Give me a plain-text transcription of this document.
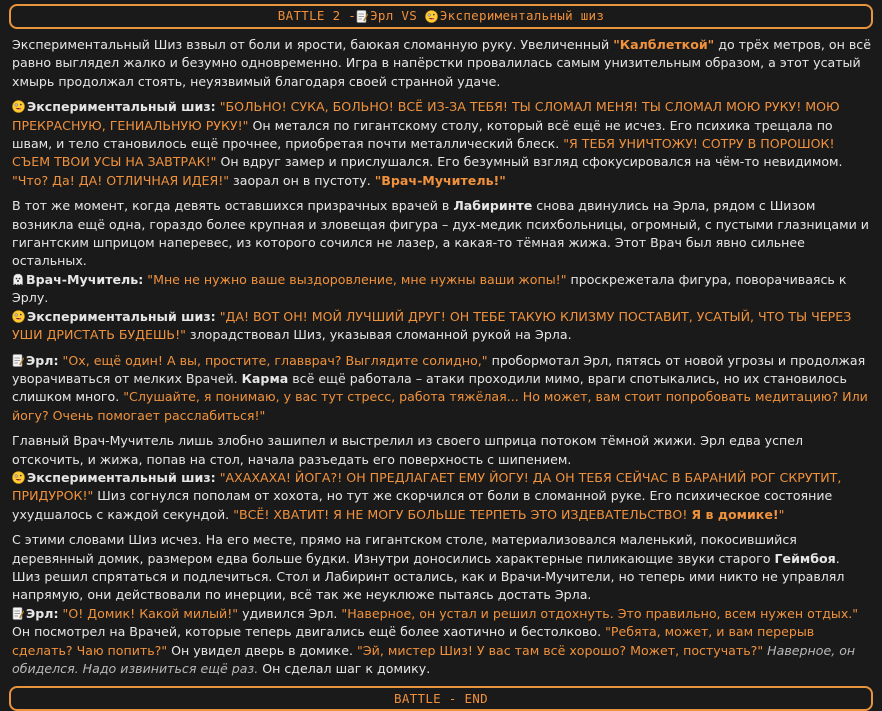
BATTLE 2 - Эрл VS Экспериментальный шиз

Экспериментальный Шиз взвыл от боли и ярости, баюкая сломанную руку. Увеличенный "Калблеткой" до трёх метров, он всё равно выглядел жалко и безумно одновременно. Игра в напёрстки провалилась самым унизительным образом, а этот усатый хмырь продолжал стоять, неуязвимый благодаря своей странной удаче.

Экспериментальный шиз: "БОЛЬНО! СУКА, БОЛЬНО! ВСЁ ИЗ-ЗА ТЕБЯ! ТЫ СЛОМАЛ МЕНЯ! ТЫ СЛОМАЛ МОЮ РУКУ! МОЮ ПРЕКРАСНУЮ, ГЕНИАЛЬНУЮ РУКУ!" Он метался по гигантскому столу, который всё ещё не исчез. Его психика трещала по швам, и тело становилось ещё прочнее, приобретая почти металлический блеск. "Я ТЕБЯ УНИЧТОЖУ! СОТРУ В ПОРОШОК! СЪЕМ ТВОИ УСЫ НА ЗАВТРАК!" Он вдруг замер и прислушался. Его безумный взгляд сфокусировался на чём-то невидимом. "Что? Да! ДА! ОТЛИЧНАЯ ИДЕЯ!" заорал он в пустоту. "Врач-Мучитель!"

В тот же момент, когда девять оставшихся призрачных врачей в Лабиринте снова двинулись на Эрла, рядом с Шизом возникла ещё одна, гораздо более крупная и зловещая фигура – дух-медик психбольницы, огромный, с пустыми глазницами и гигантским шприцом наперевес, из которого сочился не лазер, а какая-то тёмная жижа. Этот Врач был явно сильнее остальных.

Врач-Мучитель: "Мне не нужно ваше выздоровление, мне нужны ваши жопы!" проскрежетала фигура, поворачиваясь к Эрлу.

Экспериментальный шиз: "ДА! ВОТ ОН! МОЙ ЛУЧШИЙ ДРУГ! ОН ТЕБЕ ТАКУЮ КЛИЗМУ ПОСТАВИТ, УСАТЫЙ, ЧТО ТЫ ЧЕРЕЗ УШИ ДРИСТАТЬ БУДЕШЬ!" злорадствовал Шиз, указывая сломанной рукой на Эрла.

Эрл: "Ох, ещё один! А вы, простите, главврач? Выглядите солидно," пробормотал Эрл, пятясь от новой угрозы и продолжая уворачиваться от мелких Врачей. Карма всё ещё работала – атаки проходили мимо, враги спотыкались, но их становилось слишком много. "Слушайте, я понимаю, у вас тут стресс, работа тяжёлая... Но может, вам стоит попробовать медитацию? Или йогу? Очень помогает расслабиться!"

Главный Врач-Мучитель лишь злобно зашипел и выстрелил из своего шприца потоком тёмной жижи. Эрл едва успел отскочить, и жижа, попав на стол, начала разъедать его поверхность с шипением.

Экспериментальный шиз: "АХАХАХА! ЙОГА?! ОН ПРЕДЛАГАЕТ ЕМУ ЙОГУ! ДА ОН ТЕБЯ СЕЙЧАС В БАРАНИЙ РОГ СКРУТИТ, ПРИДУРОК!" Шиз согнулся пополам от хохота, но тут же скорчился от боли в сломанной руке. Его психическое состояние ухудшалось с каждой секундой. "ВСЁ! ХВАТИТ! Я НЕ МОГУ БОЛЬШЕ ТЕРПЕТЬ ЭТО ИЗДЕВАТЕЛЬСТВО! Я в домике!"

С этими словами Шиз исчез. На его месте, прямо на гигантском столе, материализовался маленький, покосившийся деревянный домик, размером едва больше будки. Изнутри доносились характерные пиликающие звуки старого Геймбоя. Шиз решил спрятаться и подлечиться. Стол и Лабиринт остались, как и Врачи-Мучители, но теперь ими никто не управлял напрямую, они действовали по инерции, всё так же неуклюже пытаясь достать Эрла.

Эрл: "О! Домик! Какой милый!" удивился Эрл. "Наверное, он устал и решил отдохнуть. Это правильно, всем нужен отдых." Он посмотрел на Врачей, которые теперь двигались ещё более хаотично и бестолково. "Ребята, может, и вам перерыв сделать? Чаю попить?" Он увидел дверь в домике. "Эй, мистер Шиз! У вас там всё хорошо? Может, постучать?" Наверное, он обиделся. Надо извиниться ещё раз. Он сделал шаг к домику.

BATTLE - END
